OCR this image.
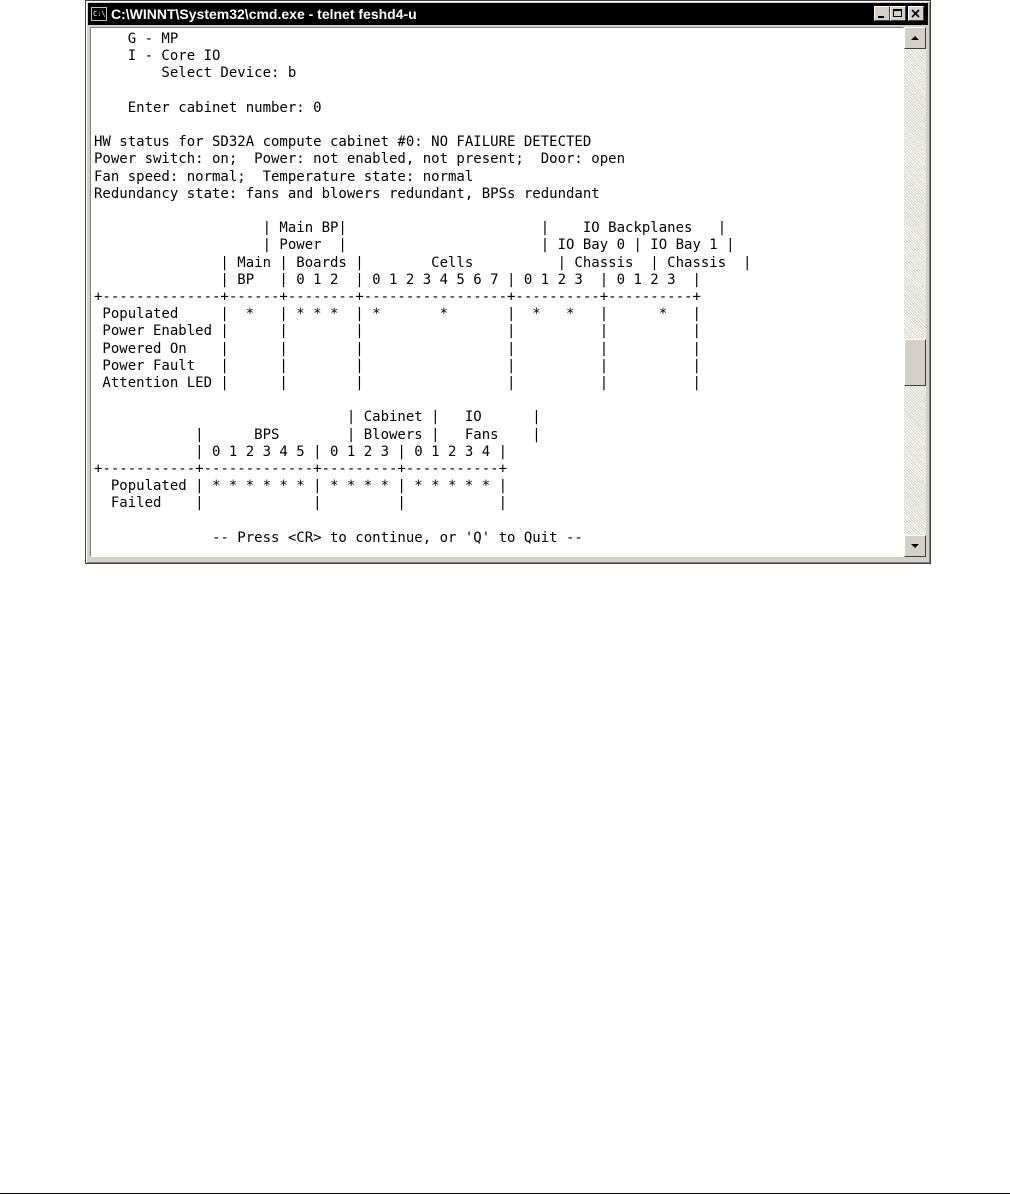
C:\ C:\WINNT\System32\cmd.exe - telnet feshd4-u
G - MP
I - Core IO
Select Device: b

Enter cabinet number: 0

HW status for SD32A compute cabinet #0: NO FAILURE DETECTED
Power switch: on;  Power: not enabled, not present;  Door: open
Fan speed: normal;  Temperature state: normal
Redundancy state: fans and blowers redundant, BPSs redundant

| Main BP|                       |    IO Backplanes   |
| Power  |                       | IO Bay 0 | IO Bay 1 |
| Main | Boards |        Cells          | Chassis  | Chassis  |
| BP   | 0 1 2  | 0 1 2 3 4 5 6 7 | 0 1 2 3  | 0 1 2 3  |
+--------------+------+--------+-----------------+----------+----------+
Populated     |  *   | * * *  | *       *       |  *   *   |      *   |
Power Enabled |      |        |                 |          |          |
Powered On    |      |        |                 |          |          |
Power Fault   |      |        |                 |          |          |
Attention LED |      |        |                 |          |          |

| Cabinet |   IO      |
|      BPS        | Blowers |   Fans    |
| 0 1 2 3 4 5 | 0 1 2 3 | 0 1 2 3 4 |
+-----------+-------------+---------+-----------+
Populated | * * * * * * | * * * * | * * * * * |
Failed    |             |         |           |

-- Press <CR> to continue, or 'Q' to Quit --
